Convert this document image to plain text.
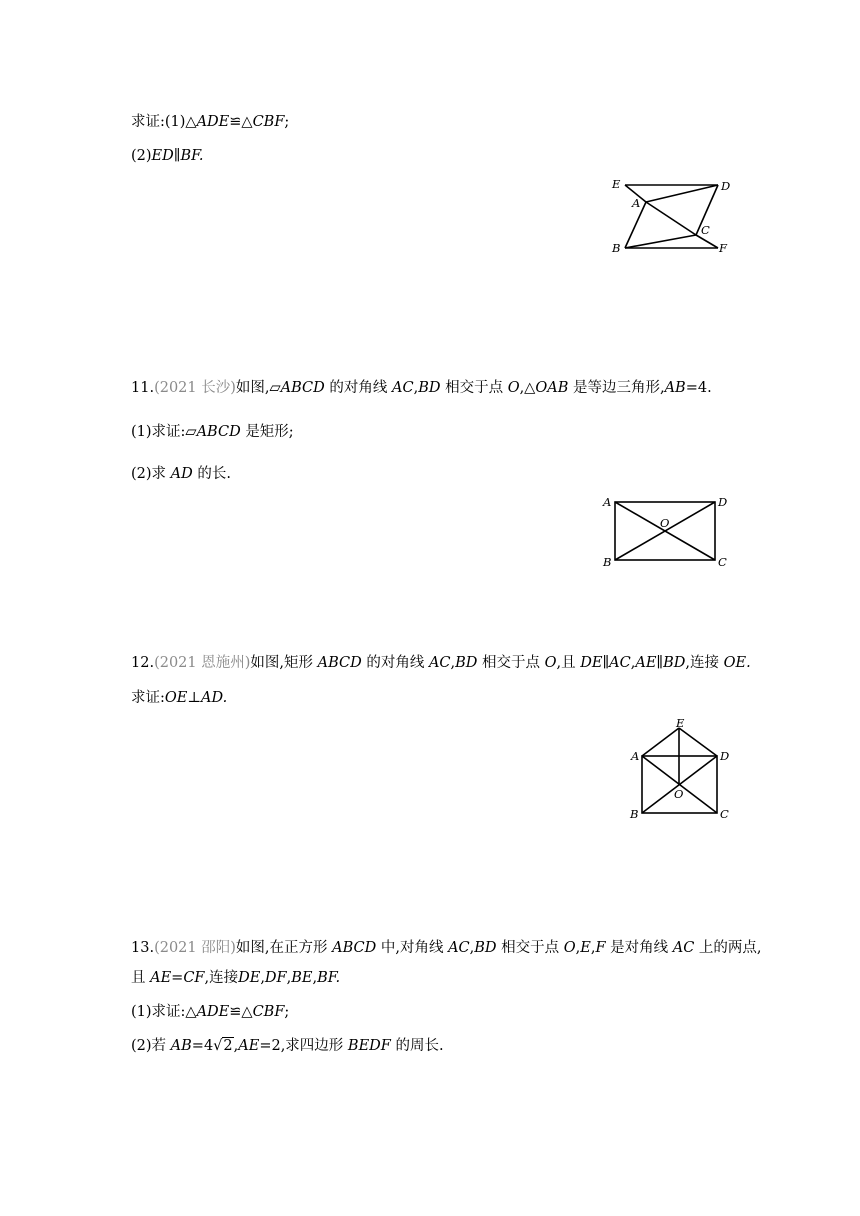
求证:(1)△ADE≌△CBF;
(2)ED∥BF.
E	D
A
C
B	F
11.(2021 长沙)如图,▱ABCD 的对角线 AC,BD 相交于点 O,△OAB 是等边三角形,AB=4.
(1)求证:▱ABCD 是矩形;
(2)求 AD 的长.
A	D
O
B	C
12.(2021 恩施州)如图,矩形 ABCD 的对角线 AC,BD 相交于点 O,且 DE∥AC,AE∥BD,连接 OE.
求证:OE⊥AD.
E
A	D
O
B	C
13.(2021 邵阳)如图,在正方形 ABCD 中,对角线 AC,BD 相交于点 O,E,F 是对角线 AC 上的两点,
且 AE=CF,连接DE,DF,BE,BF.
(1)求证:△ADE≌△CBF;
(2)若 AB=4√2,AE=2,求四边形 BEDF 的周长.
